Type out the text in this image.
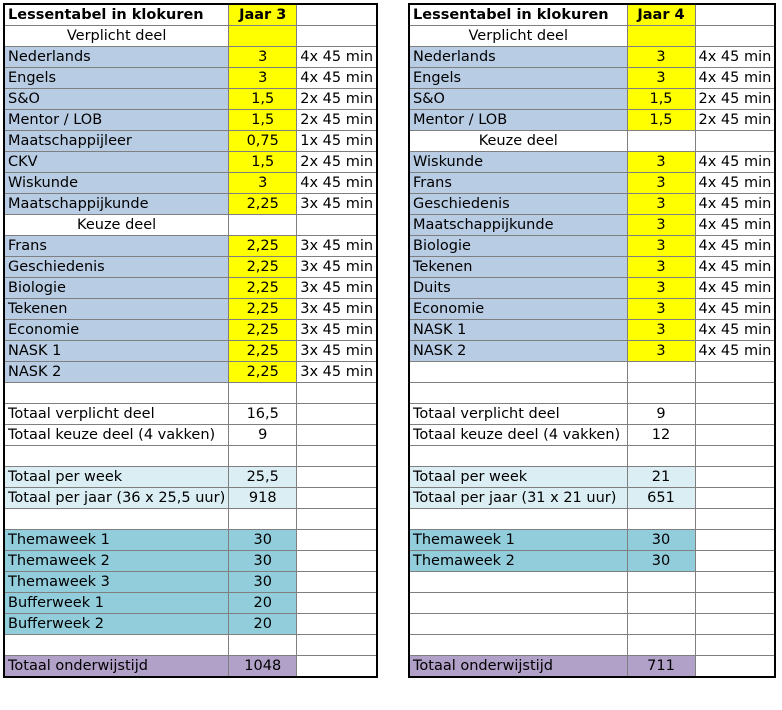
Lessentabel in klokuren	Jaar 3	
Verplicht deel		
Nederlands	3	4x 45 min
Engels	3	4x 45 min
S&O	1,5	2x 45 min
Mentor / LOB	1,5	2x 45 min
Maatschappijleer	0,75	1x 45 min
CKV	1,5	2x 45 min
Wiskunde	3	4x 45 min
Maatschappijkunde	2,25	3x 45 min
Keuze deel		
Frans	2,25	3x 45 min
Geschiedenis	2,25	3x 45 min
Biologie	2,25	3x 45 min
Tekenen	2,25	3x 45 min
Economie	2,25	3x 45 min
NASK 1	2,25	3x 45 min
NASK 2	2,25	3x 45 min

Totaal verplicht deel	16,5	
Totaal keuze deel (4 vakken)	9	

Totaal per week	25,5	
Totaal per jaar (36 x 25,5 uur)	918	

Themaweek 1	30	
Themaweek 2	30	
Themaweek 3	30	
Bufferweek 1	20	
Bufferweek 2	20	

Totaal onderwijstijd	1048	
Lessentabel in klokuren	Jaar 4	
Verplicht deel		
Nederlands	3	4x 45 min
Engels	3	4x 45 min
S&O	1,5	2x 45 min
Mentor / LOB	1,5	2x 45 min
Keuze deel		
Wiskunde	3	4x 45 min
Frans	3	4x 45 min
Geschiedenis	3	4x 45 min
Maatschappijkunde	3	4x 45 min
Biologie	3	4x 45 min
Tekenen	3	4x 45 min
Duits	3	4x 45 min
Economie	3	4x 45 min
NASK 1	3	4x 45 min
NASK 2	3	4x 45 min

Totaal verplicht deel	9	
Totaal keuze deel (4 vakken)	12	

Totaal per week	21	
Totaal per jaar (31 x 21 uur)	651	

Themaweek 1	30	
Themaweek 2	30	

Totaal onderwijstijd	711	
